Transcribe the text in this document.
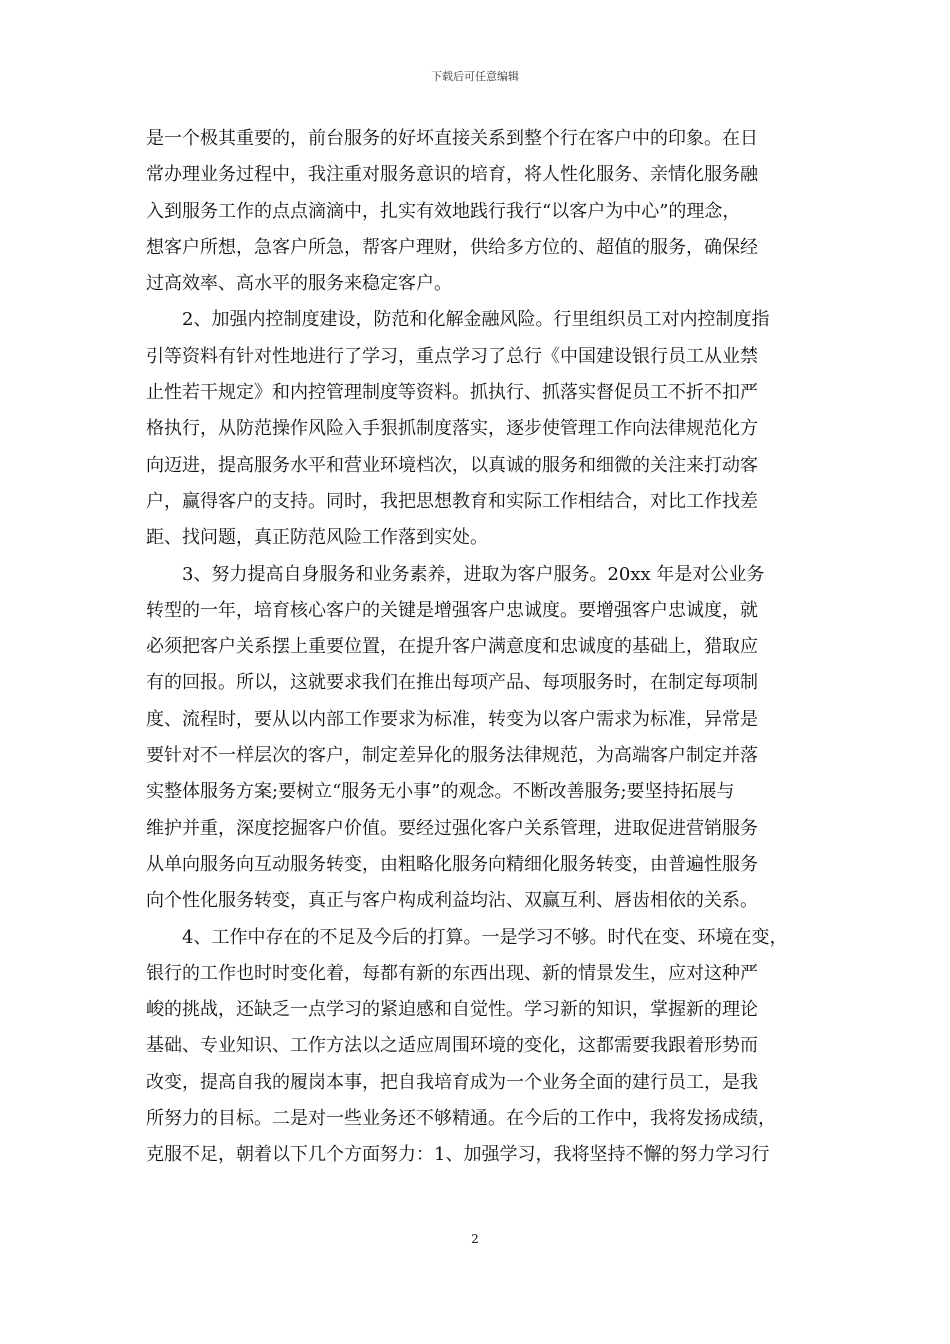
下载后可任意编辑
是一个极其重要的，前台服务的好坏直接关系到整个行在客户中的印象。在日
常办理业务过程中，我注重对服务意识的培育，将人性化服务、亲情化服务融
入到服务工作的点点滴滴中，扎实有效地践行我行“以客户为中心”的理念，
想客户所想，急客户所急，帮客户理财，供给多方位的、超值的服务，确保经
过高效率、高水平的服务来稳定客户。
2、加强内控制度建设，防范和化解金融风险。行里组织员工对内控制度指
引等资料有针对性地进行了学习，重点学习了总行《中国建设银行员工从业禁
止性若干规定》和内控管理制度等资料。抓执行、抓落实督促员工不折不扣严
格执行，从防范操作风险入手狠抓制度落实，逐步使管理工作向法律规范化方
向迈进，提高服务水平和营业环境档次，以真诚的服务和细微的关注来打动客
户，赢得客户的支持。同时，我把思想教育和实际工作相结合，对比工作找差
距、找问题，真正防范风险工作落到实处。
3、努力提高自身服务和业务素养，进取为客户服务。20xx 年是对公业务
转型的一年，培育核心客户的关键是增强客户忠诚度。要增强客户忠诚度，就
必须把客户关系摆上重要位置，在提升客户满意度和忠诚度的基础上，猎取应
有的回报。所以，这就要求我们在推出每项产品、每项服务时，在制定每项制
度、流程时，要从以内部工作要求为标准，转变为以客户需求为标准，异常是
要针对不一样层次的客户，制定差异化的服务法律规范，为高端客户制定并落
实整体服务方案;要树立“服务无小事”的观念。不断改善服务;要坚持拓展与
维护并重，深度挖掘客户价值。要经过强化客户关系管理，进取促进营销服务
从单向服务向互动服务转变，由粗略化服务向精细化服务转变，由普遍性服务
向个性化服务转变，真正与客户构成利益均沾、双赢互利、唇齿相依的关系。
4、工作中存在的不足及今后的打算。一是学习不够。时代在变、环境在变，
银行的工作也时时变化着，每都有新的东西出现、新的情景发生，应对这种严
峻的挑战，还缺乏一点学习的紧迫感和自觉性。学习新的知识，掌握新的理论
基础、专业知识、工作方法以之适应周围环境的变化，这都需要我跟着形势而
改变，提高自我的履岗本事，把自我培育成为一个业务全面的建行员工，是我
所努力的目标。二是对一些业务还不够精通。在今后的工作中，我将发扬成绩，
克服不足，朝着以下几个方面努力：1、加强学习，我将坚持不懈的努力学习行
2
